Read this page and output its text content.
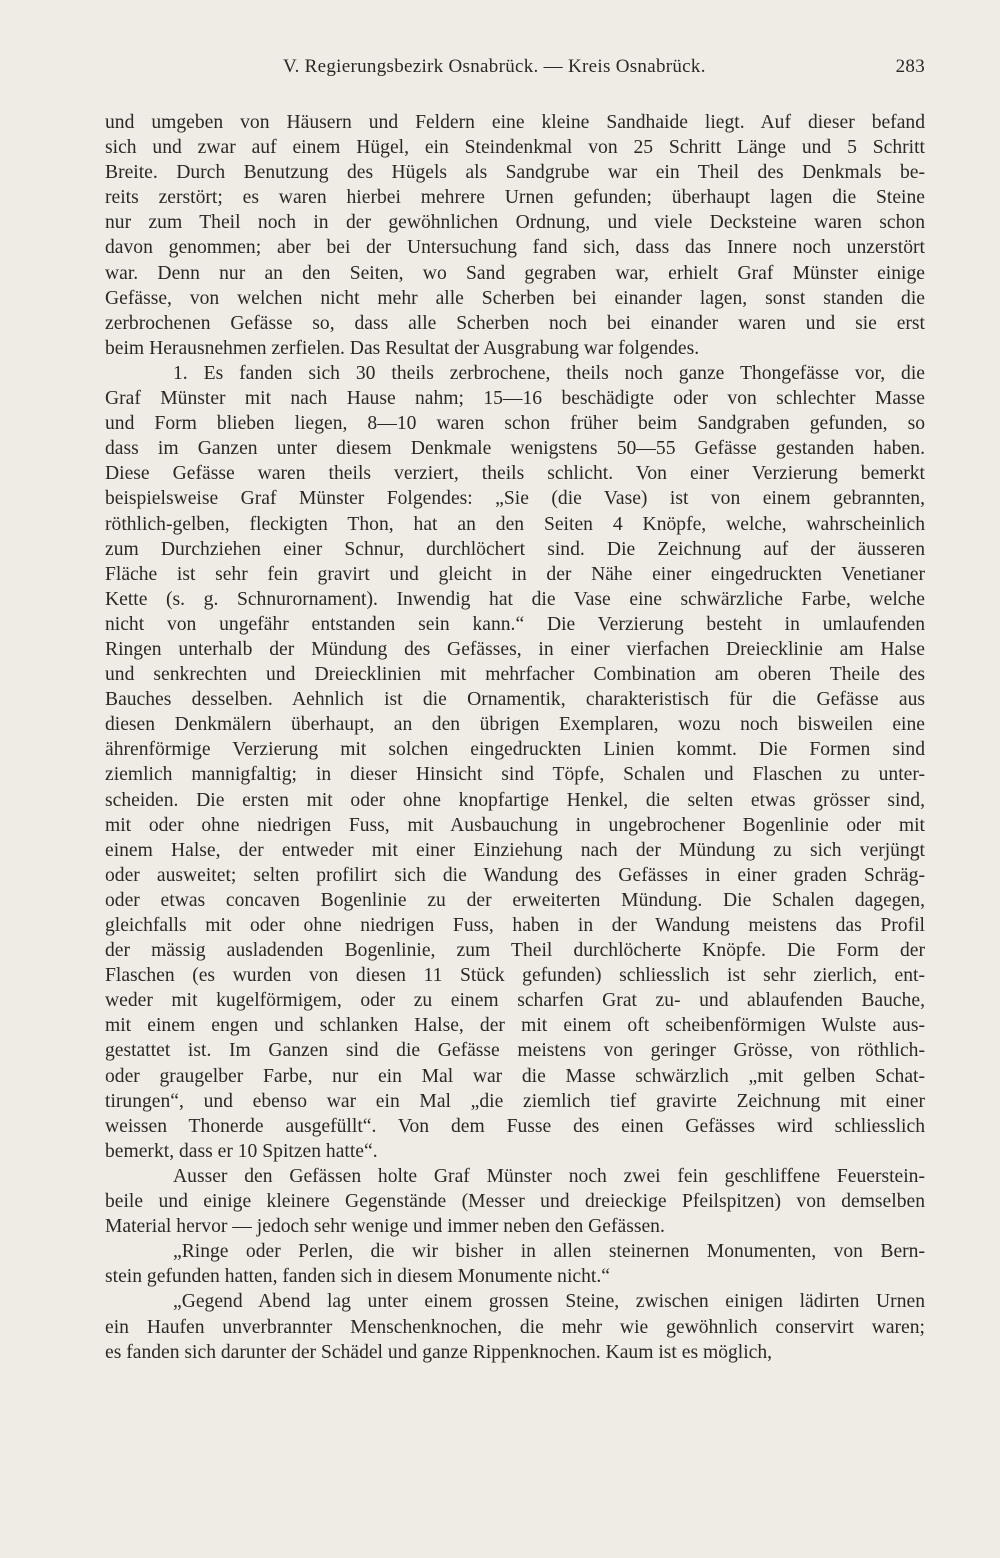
V. Regierungsbezirk Osnabrück. — Kreis Osnabrück.	283
und umgeben von Häusern und Feldern eine kleine Sandhaide liegt. Auf dieser befand
sich und zwar auf einem Hügel, ein Steindenkmal von 25 Schritt Länge und 5 Schritt
Breite. Durch Benutzung des Hügels als Sandgrube war ein Theil des Denkmals be-
reits zerstört; es waren hierbei mehrere Urnen gefunden; überhaupt lagen die Steine
nur zum Theil noch in der gewöhnlichen Ordnung, und viele Decksteine waren schon
davon genommen; aber bei der Untersuchung fand sich, dass das Innere noch unzerstört
war. Denn nur an den Seiten, wo Sand gegraben war, erhielt Graf Münster einige
Gefässe, von welchen nicht mehr alle Scherben bei einander lagen, sonst standen die
zerbrochenen Gefässe so, dass alle Scherben noch bei einander waren und sie erst
beim Herausnehmen zerfielen. Das Resultat der Ausgrabung war folgendes.
1. Es fanden sich 30 theils zerbrochene, theils noch ganze Thongefässe vor, die
Graf Münster mit nach Hause nahm; 15—16 beschädigte oder von schlechter Masse
und Form blieben liegen, 8—10 waren schon früher beim Sandgraben gefunden, so
dass im Ganzen unter diesem Denkmale wenigstens 50—55 Gefässe gestanden haben.
Diese Gefässe waren theils verziert, theils schlicht. Von einer Verzierung bemerkt
beispielsweise Graf Münster Folgendes: „Sie (die Vase) ist von einem gebrannten,
röthlich-gelben, fleckigten Thon, hat an den Seiten 4 Knöpfe, welche, wahrscheinlich
zum Durchziehen einer Schnur, durchlöchert sind. Die Zeichnung auf der äusseren
Fläche ist sehr fein gravirt und gleicht in der Nähe einer eingedruckten Venetianer
Kette (s. g. Schnurornament). Inwendig hat die Vase eine schwärzliche Farbe, welche
nicht von ungefähr entstanden sein kann.“ Die Verzierung besteht in umlaufenden
Ringen unterhalb der Mündung des Gefässes, in einer vierfachen Dreiecklinie am Halse
und senkrechten und Dreiecklinien mit mehrfacher Combination am oberen Theile des
Bauches desselben. Aehnlich ist die Ornamentik, charakteristisch für die Gefässe aus
diesen Denkmälern überhaupt, an den übrigen Exemplaren, wozu noch bisweilen eine
ährenförmige Verzierung mit solchen eingedruckten Linien kommt. Die Formen sind
ziemlich mannigfaltig; in dieser Hinsicht sind Töpfe, Schalen und Flaschen zu unter-
scheiden. Die ersten mit oder ohne knopfartige Henkel, die selten etwas grösser sind,
mit oder ohne niedrigen Fuss, mit Ausbauchung in ungebrochener Bogenlinie oder mit
einem Halse, der entweder mit einer Einziehung nach der Mündung zu sich verjüngt
oder ausweitet; selten profilirt sich die Wandung des Gefässes in einer graden Schräg-
oder etwas concaven Bogenlinie zu der erweiterten Mündung. Die Schalen dagegen,
gleichfalls mit oder ohne niedrigen Fuss, haben in der Wandung meistens das Profil
der mässig ausladenden Bogenlinie, zum Theil durchlöcherte Knöpfe. Die Form der
Flaschen (es wurden von diesen 11 Stück gefunden) schliesslich ist sehr zierlich, ent-
weder mit kugelförmigem, oder zu einem scharfen Grat zu- und ablaufenden Bauche,
mit einem engen und schlanken Halse, der mit einem oft scheibenförmigen Wulste aus-
gestattet ist. Im Ganzen sind die Gefässe meistens von geringer Grösse, von röthlich-
oder graugelber Farbe, nur ein Mal war die Masse schwärzlich „mit gelben Schat-
tirungen“, und ebenso war ein Mal „die ziemlich tief gravirte Zeichnung mit einer
weissen Thonerde ausgefüllt“. Von dem Fusse des einen Gefässes wird schliesslich
bemerkt, dass er 10 Spitzen hatte“.
Ausser den Gefässen holte Graf Münster noch zwei fein geschliffene Feuerstein-
beile und einige kleinere Gegenstände (Messer und dreieckige Pfeilspitzen) von demselben
Material hervor — jedoch sehr wenige und immer neben den Gefässen.
„Ringe oder Perlen, die wir bisher in allen steinernen Monumenten, von Bern-
stein gefunden hatten, fanden sich in diesem Monumente nicht.“
„Gegend Abend lag unter einem grossen Steine, zwischen einigen lädirten Urnen
ein Haufen unverbrannter Menschenknochen, die mehr wie gewöhnlich conservirt waren;
es fanden sich darunter der Schädel und ganze Rippenknochen. Kaum ist es möglich,
